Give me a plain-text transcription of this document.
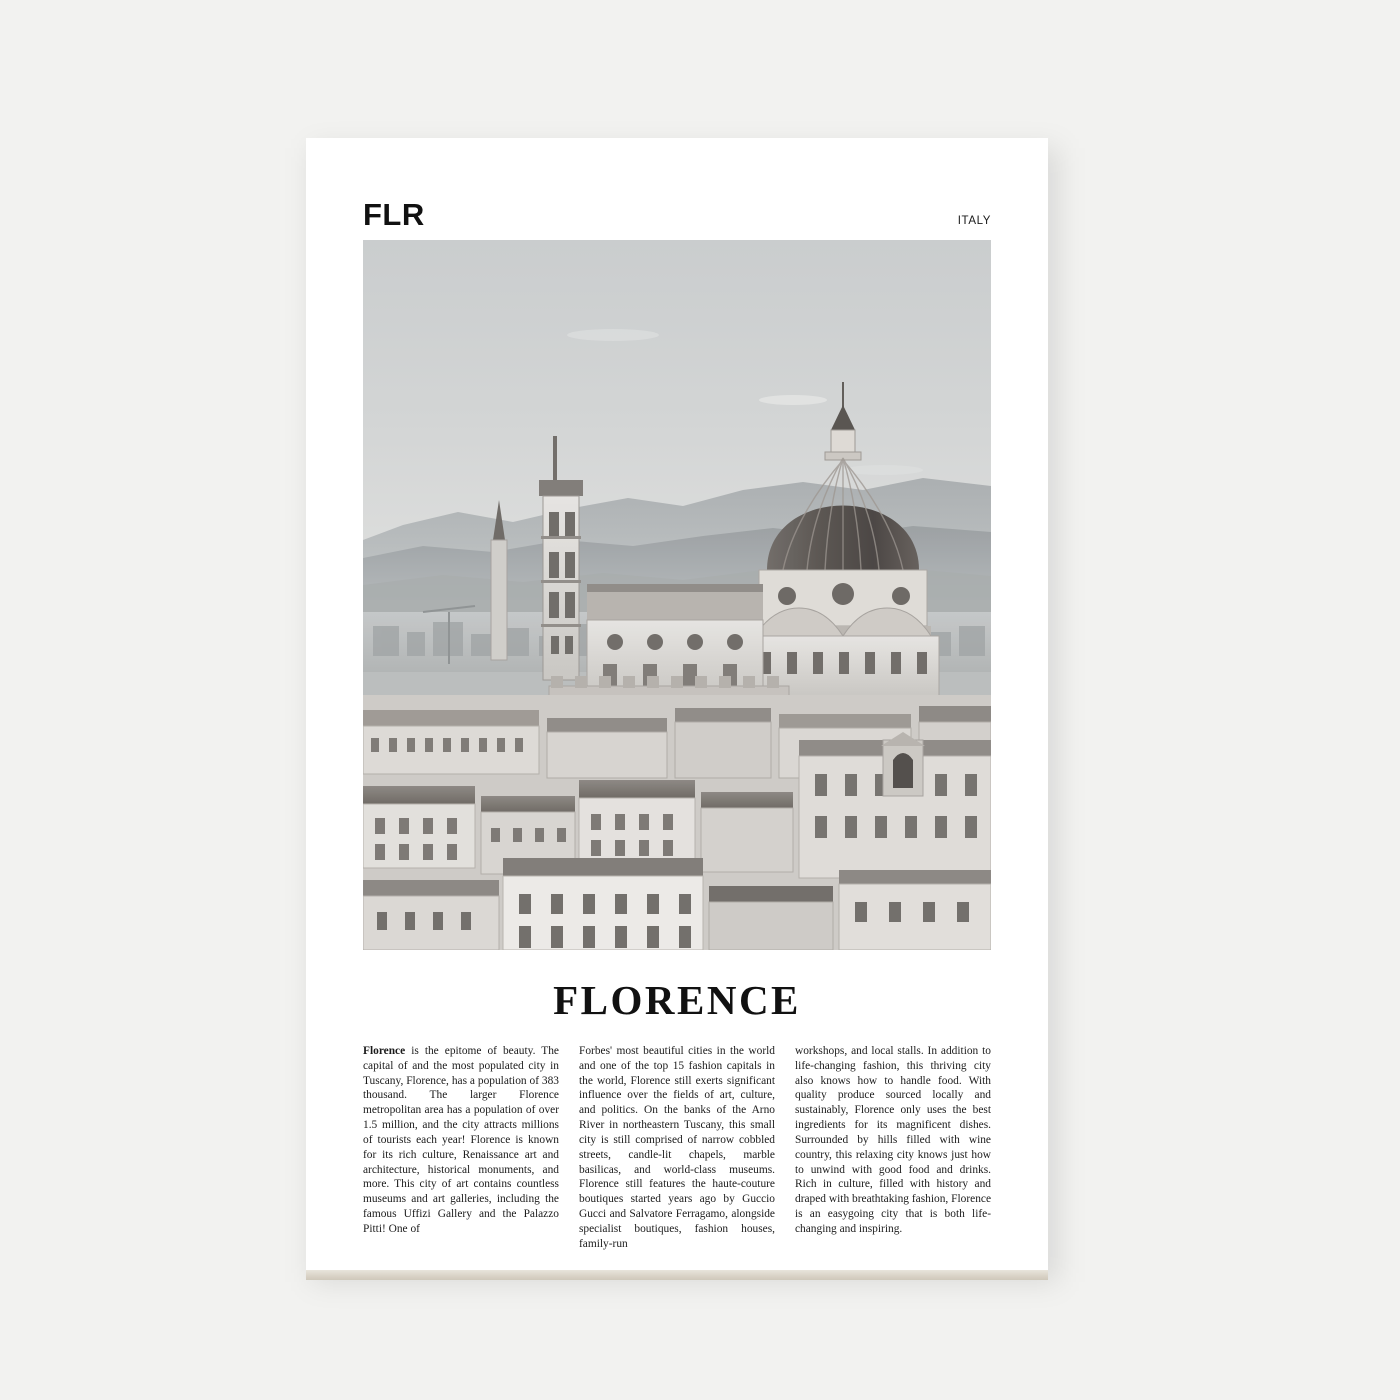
FLR	ITALY
FLORENCE
Florence is the epitome of beauty. The capital of and the most populated city in Tuscany, Florence, has a population of 383 thousand. The larger Florence metropolitan area has a population of over 1.5 million, and the city attracts millions of tourists each year! Florence is known for its rich culture, Renaissance art and architecture, historical monuments, and more. This city of art contains countless museums and art galleries, including the famous Uffizi Gallery and the Palazzo Pitti! One of
Forbes' most beautiful cities in the world and one of the top 15 fashion capitals in the world, Florence still exerts significant influence over the fields of art, culture, and politics. On the banks of the Arno River in northeastern Tuscany, this small city is still comprised of narrow cobbled streets, candle-lit chapels, marble basilicas, and world-class museums. Florence still features the haute-couture boutiques started years ago by Guccio Gucci and Salvatore Ferragamo, alongside specialist boutiques, fashion houses, family-run
workshops, and local stalls. In addition to life-changing fashion, this thriving city also knows how to handle food. With quality produce sourced locally and sustainably, Florence only uses the best ingredients for its magnificent dishes. Surrounded by hills filled with wine country, this relaxing city knows just how to unwind with good food and drinks. Rich in culture, filled with history and draped with breathtaking fashion, Florence is an easygoing city that is both life-changing and inspiring.
